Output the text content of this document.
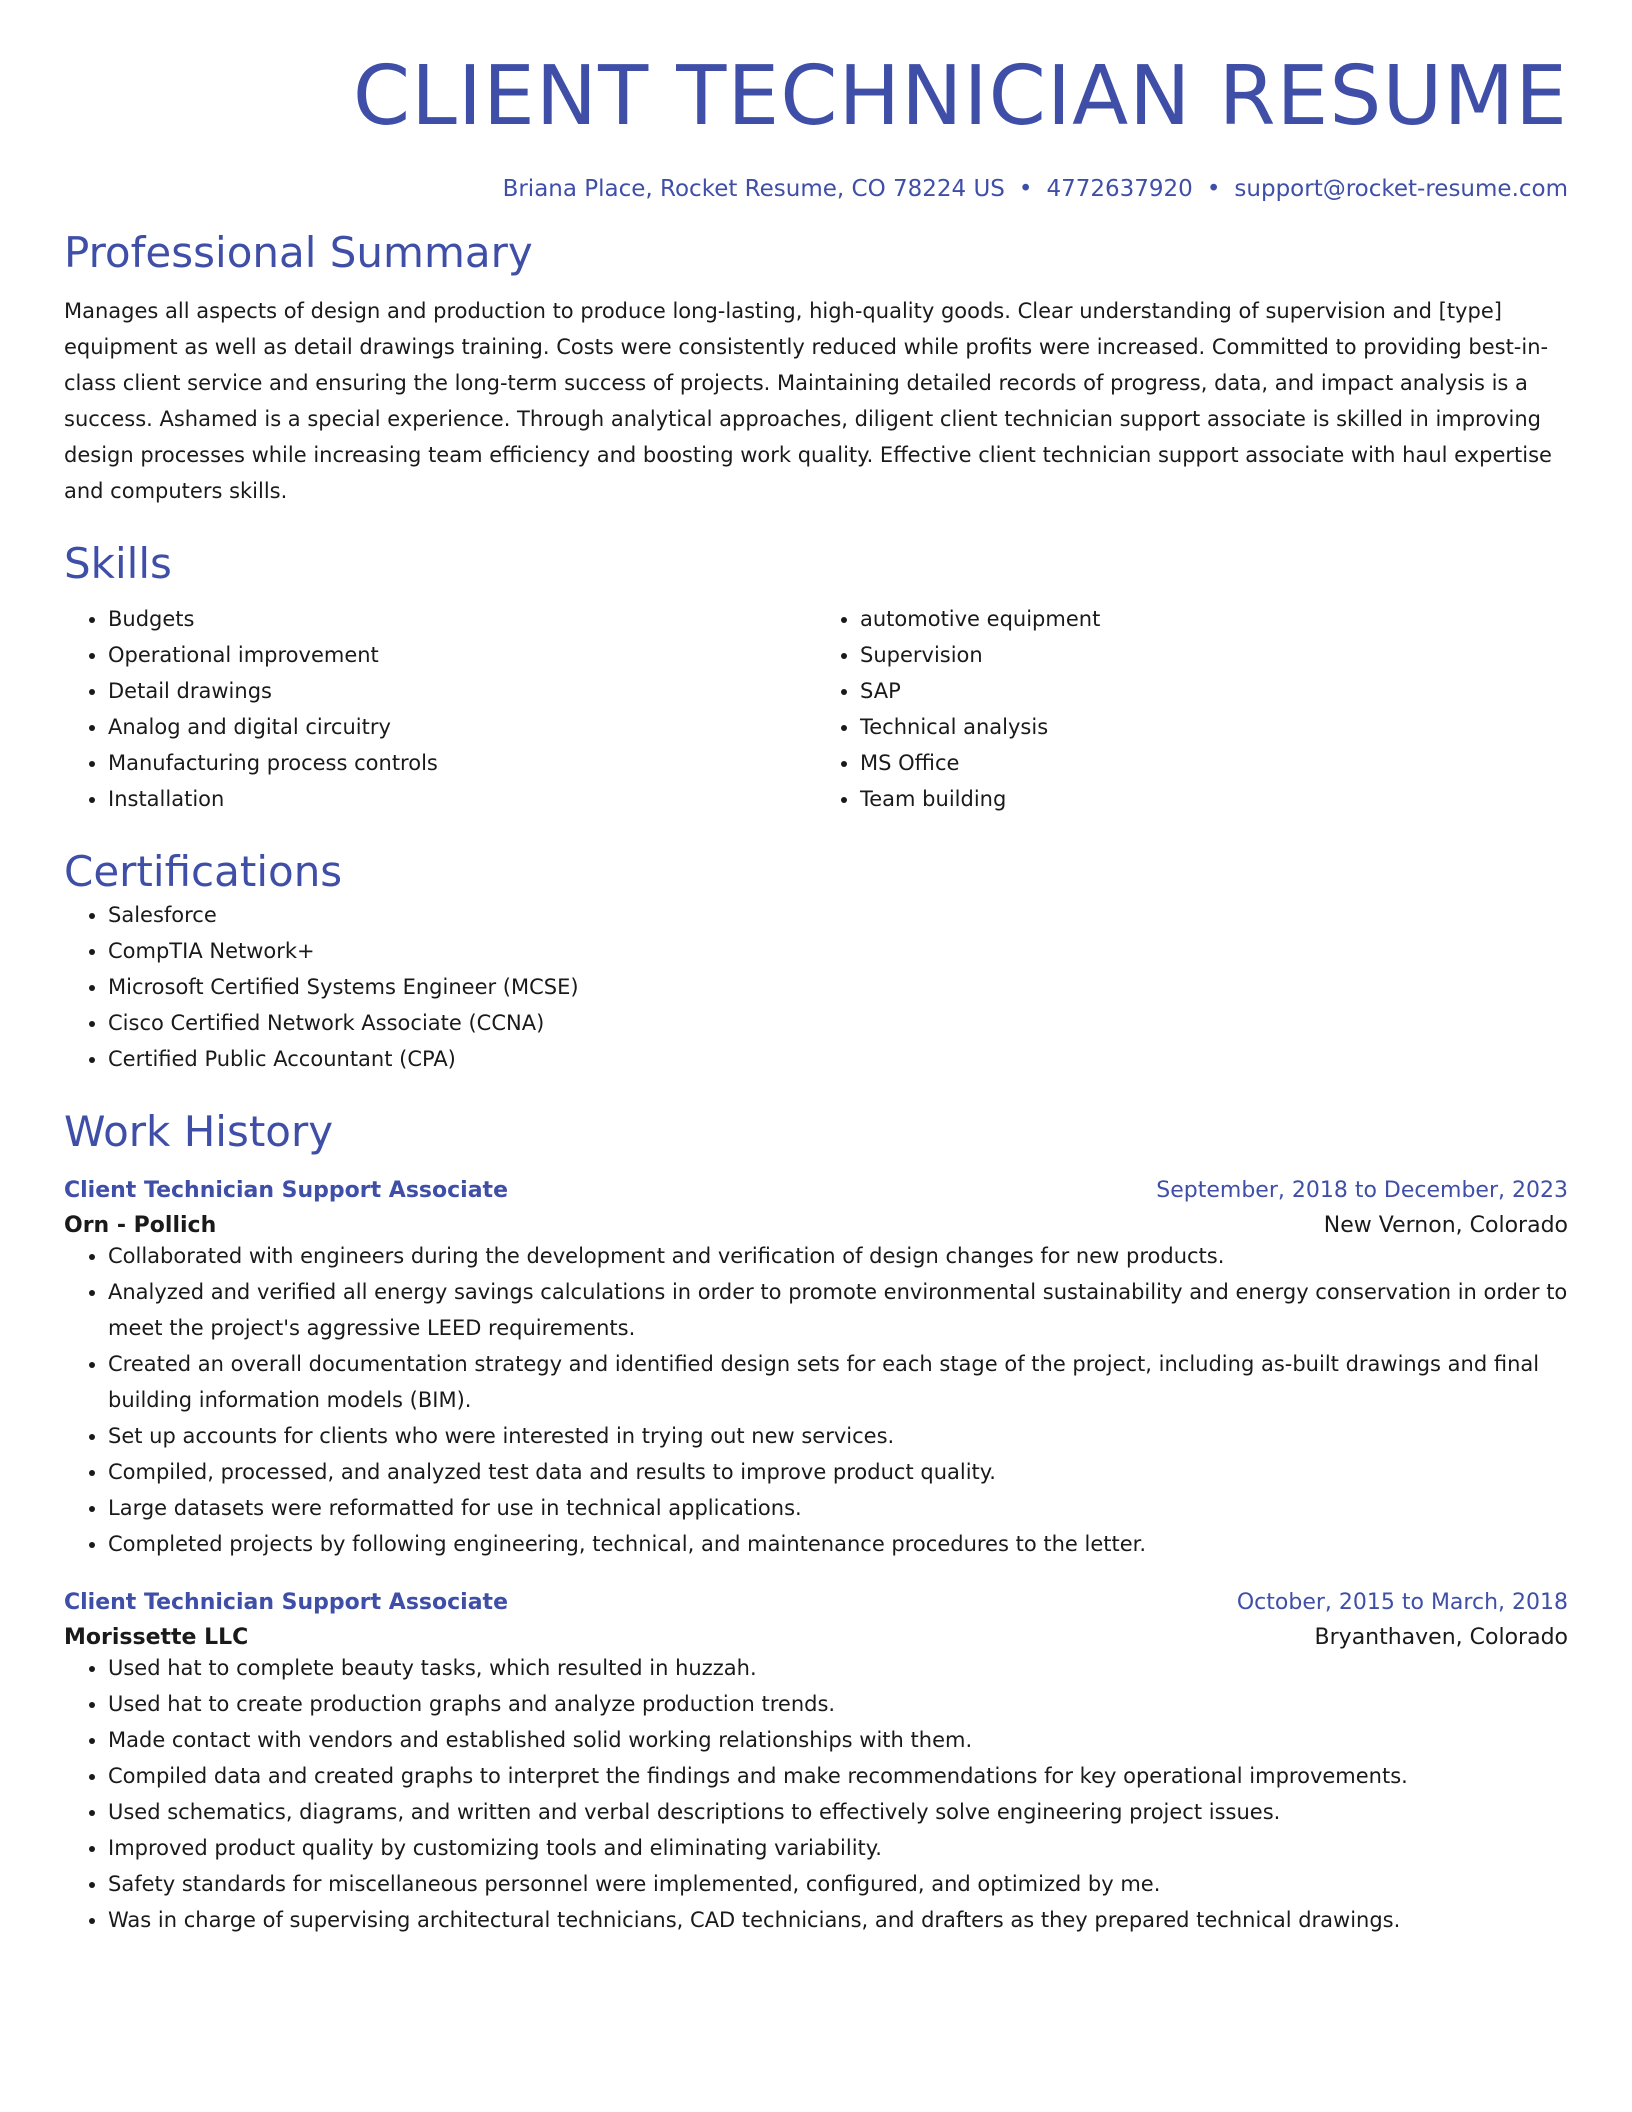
CLIENT TECHNICIAN RESUME
Briana Place, Rocket Resume, CO 78224 US • 4772637920 • support@rocket-resume.com
Professional Summary
Manages all aspects of design and production to produce long-lasting, high-quality goods. Clear understanding of supervision and [type] equipment as well as detail drawings training. Costs were consistently reduced while profits were increased. Committed to providing best-in-class client service and ensuring the long-term success of projects. Maintaining detailed records of progress, data, and impact analysis is a success. Ashamed is a special experience. Through analytical approaches, diligent client technician support associate is skilled in improving design processes while increasing team efficiency and boosting work quality. Effective client technician support associate with haul expertise and computers skills.
Skills
• Budgets
• Operational improvement
• Detail drawings
• Analog and digital circuitry
• Manufacturing process controls
• Installation
• automotive equipment
• Supervision
• SAP
• Technical analysis
• MS Office
• Team building
Certifications
• Salesforce
• CompTIA Network+
• Microsoft Certified Systems Engineer (MCSE)
• Cisco Certified Network Associate (CCNA)
• Certified Public Accountant (CPA)
Work History
Client Technician Support Associate	September, 2018 to December, 2023
Orn - Pollich	New Vernon, Colorado
• Collaborated with engineers during the development and verification of design changes for new products.
• Analyzed and verified all energy savings calculations in order to promote environmental sustainability and energy conservation in order to meet the project's aggressive LEED requirements.
• Created an overall documentation strategy and identified design sets for each stage of the project, including as-built drawings and final building information models (BIM).
• Set up accounts for clients who were interested in trying out new services.
• Compiled, processed, and analyzed test data and results to improve product quality.
• Large datasets were reformatted for use in technical applications.
• Completed projects by following engineering, technical, and maintenance procedures to the letter.
Client Technician Support Associate	October, 2015 to March, 2018
Morissette LLC	Bryanthaven, Colorado
• Used hat to complete beauty tasks, which resulted in huzzah.
• Used hat to create production graphs and analyze production trends.
• Made contact with vendors and established solid working relationships with them.
• Compiled data and created graphs to interpret the findings and make recommendations for key operational improvements.
• Used schematics, diagrams, and written and verbal descriptions to effectively solve engineering project issues.
• Improved product quality by customizing tools and eliminating variability.
• Safety standards for miscellaneous personnel were implemented, configured, and optimized by me.
• Was in charge of supervising architectural technicians, CAD technicians, and drafters as they prepared technical drawings.
